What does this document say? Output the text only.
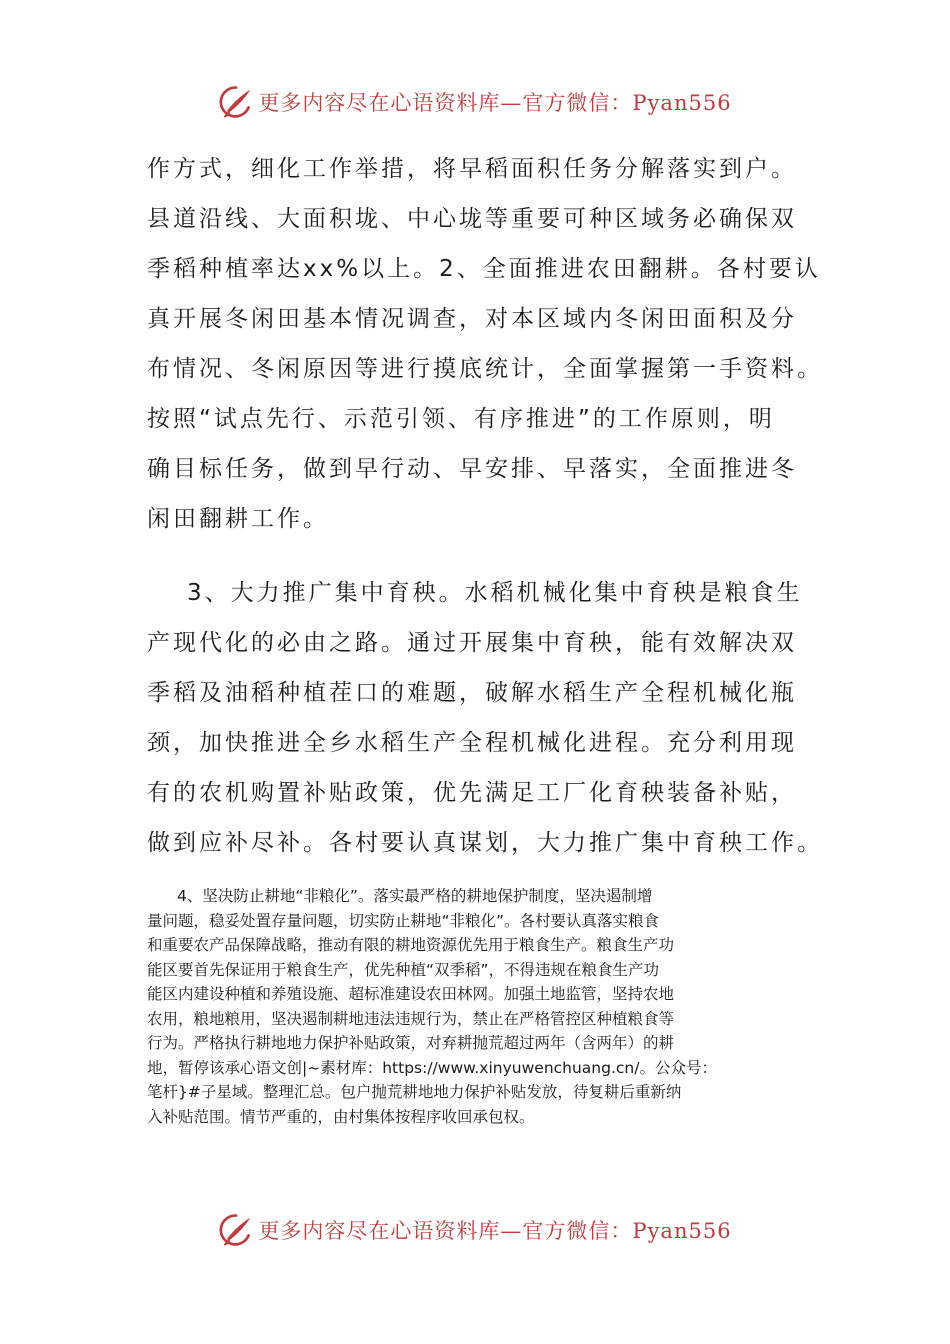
更多内容尽在心语资料库—官方微信：Pyan556
作方式，细化工作举措，将早稻面积任务分解落实到户。
县道沿线、大面积垅、中心垅等重要可种区域务必确保双
季稻种植率达xx%以上。2、全面推进农田翻耕。各村要认
真开展冬闲田基本情况调查，对本区域内冬闲田面积及分
布情况、冬闲原因等进行摸底统计，全面掌握第一手资料。
按照“试点先行、示范引领、有序推进”的工作原则，明
确目标任务，做到早行动、早安排、早落实，全面推进冬
闲田翻耕工作。
3、大力推广集中育秧。水稻机械化集中育秧是粮食生
产现代化的必由之路。通过开展集中育秧，能有效解决双
季稻及油稻种植茬口的难题，破解水稻生产全程机械化瓶
颈，加快推进全乡水稻生产全程机械化进程。充分利用现
有的农机购置补贴政策，优先满足工厂化育秧装备补贴，
做到应补尽补。各村要认真谋划，大力推广集中育秧工作。
4、坚决防止耕地“非粮化”。落实最严格的耕地保护制度，坚决遏制增
量问题，稳妥处置存量问题，切实防止耕地“非粮化”。各村要认真落实粮食
和重要农产品保障战略，推动有限的耕地资源优先用于粮食生产。粮食生产功
能区要首先保证用于粮食生产，优先种植“双季稻”，不得违规在粮食生产功
能区内建设种植和养殖设施、超标准建设农田林网。加强土地监管，坚持农地
农用，粮地粮用，坚决遏制耕地违法违规行为，禁止在严格管控区种植粮食等
行为。严格执行耕地地力保护补贴政策，对弃耕抛荒超过两年（含两年）的耕
地，暂停该承心语文创|~素材库：https://www.xinyuwenchuang.cn/。公众号：
笔杆}#子星域。整理汇总。包户抛荒耕地地力保护补贴发放，待复耕后重新纳
入补贴范围。情节严重的，由村集体按程序收回承包权。
更多内容尽在心语资料库—官方微信：Pyan556
